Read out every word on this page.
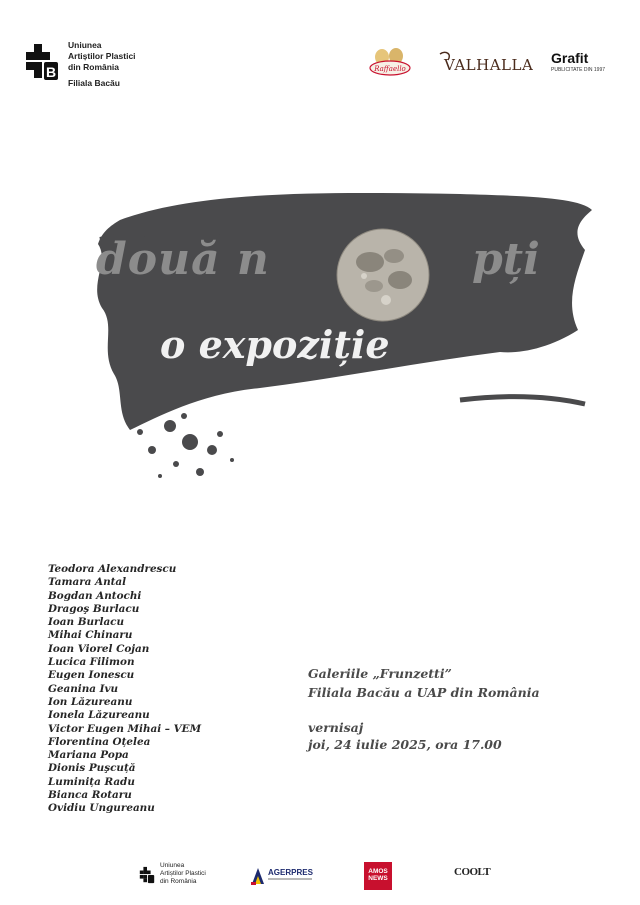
B
Uniunea
Artiștilor Plastici
din România
Filiala Bacău
Raffaello	VALHALLA Grafit
PUBLICITATE DIN 1997
două n	pți
o expoziție
Teodora Alexandrescu
Tamara Antal
Bogdan Antochi
Dragoş Burlacu
Ioan Burlacu
Mihai Chinaru
Ioan Viorel Cojan
Lucica Filimon
Eugen Ionescu
Geanina Ivu
Ion Lăzureanu
Ionela Lăzureanu
Victor Eugen Mihai – VEM
Florentina Oțelea
Mariana Popa
Dionis Puşcuță
Luminița Radu
Bianca Rotaru
Ovidiu Ungureanu
Galeriile „Frunzetti”
Filiala Bacău a UAP din România
vernisaj
joi, 24 iulie 2025, ora 17.00
Uniunea
Artiștilor Plastici
din România
AGERPRES	AMOS
NEWS
COOLT
